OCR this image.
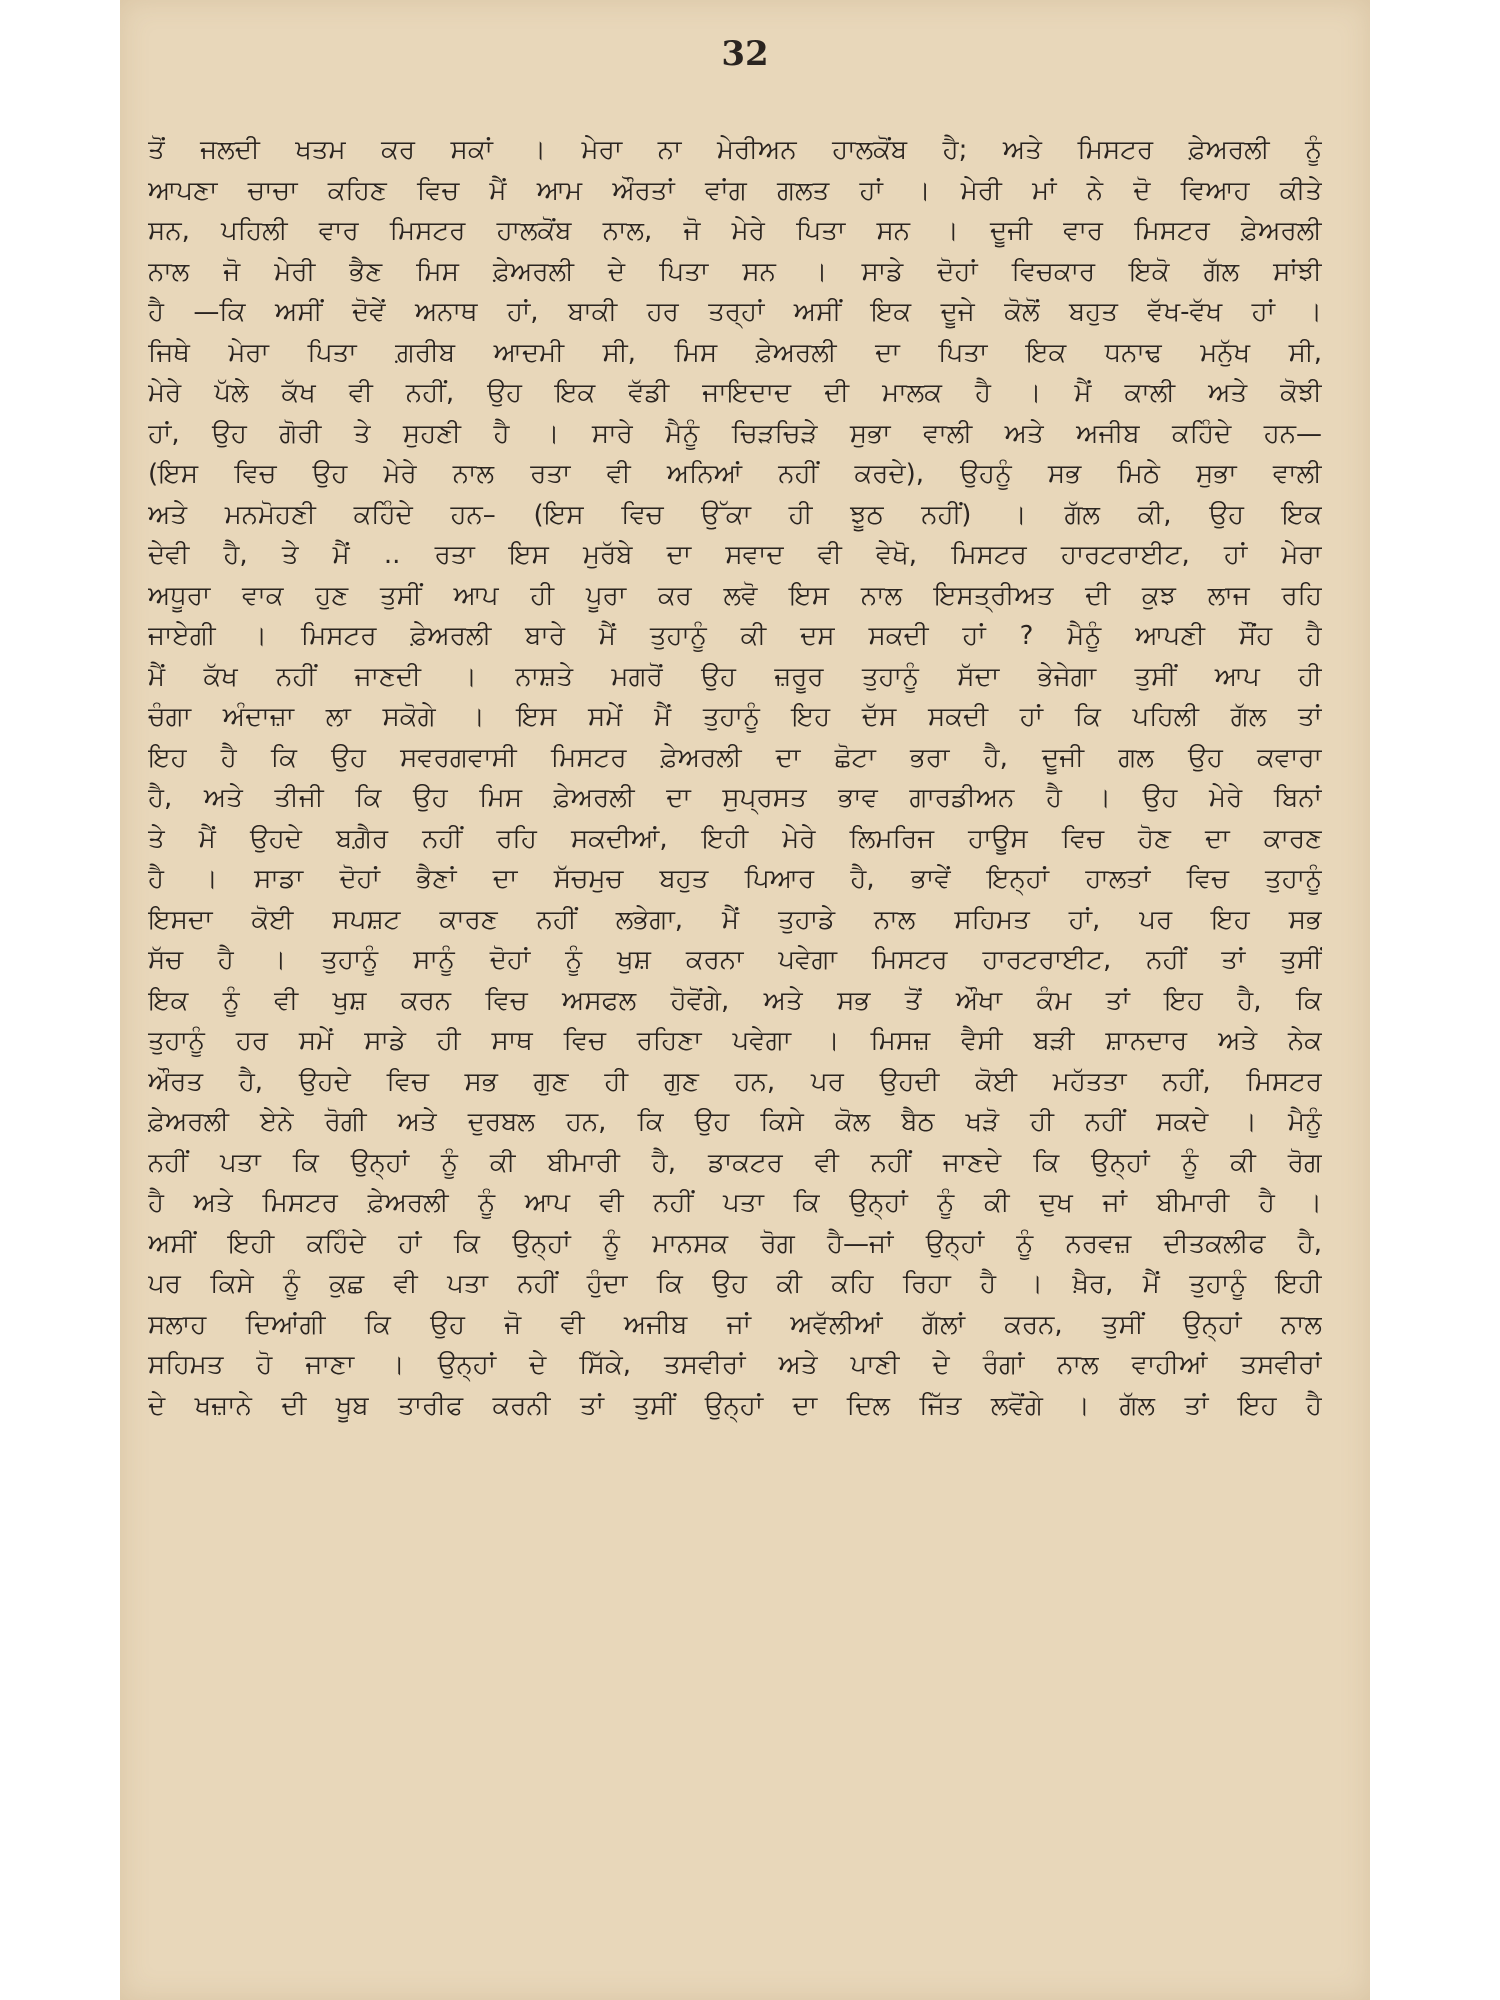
32
ਤੋਂ ਜਲਦੀ ਖਤਮ ਕਰ ਸਕਾਂ । ਮੇਰਾ ਨਾ ਮੇਰੀਅਨ ਹਾਲਕੋਂਬ ਹੈ; ਅਤੇ ਮਿਸਟਰ ਫ਼ੇਅਰਲੀ ਨੂੰ
ਆਪਣਾ ਚਾਚਾ ਕਹਿਣ ਵਿਚ ਮੈਂ ਆਮ ਔਰਤਾਂ ਵਾਂਗ ਗਲਤ ਹਾਂ । ਮੇਰੀ ਮਾਂ ਨੇ ਦੋ ਵਿਆਹ ਕੀਤੇ
ਸਨ, ਪਹਿਲੀ ਵਾਰ ਮਿਸਟਰ ਹਾਲਕੋਂਬ ਨਾਲ, ਜੋ ਮੇਰੇ ਪਿਤਾ ਸਨ । ਦੂਜੀ ਵਾਰ ਮਿਸਟਰ ਫ਼ੇਅਰਲੀ
ਨਾਲ ਜੋ ਮੇਰੀ ਭੈਣ ਮਿਸ ਫ਼ੇਅਰਲੀ ਦੇ ਪਿਤਾ ਸਨ । ਸਾਡੇ ਦੋਹਾਂ ਵਿਚਕਾਰ ਇਕੋ ਗੱਲ ਸਾਂਝੀ
ਹੈ —ਕਿ ਅਸੀਂ ਦੋਵੇਂ ਅਨਾਥ ਹਾਂ, ਬਾਕੀ ਹਰ ਤਰ੍ਹਾਂ ਅਸੀਂ ਇਕ ਦੂਜੇ ਕੋਲੋਂ ਬਹੁਤ ਵੱਖ-ਵੱਖ ਹਾਂ ।
ਜਿਥੇ ਮੇਰਾ ਪਿਤਾ ਗ਼ਰੀਬ ਆਦਮੀ ਸੀ, ਮਿਸ ਫ਼ੇਅਰਲੀ ਦਾ ਪਿਤਾ ਇਕ ਧਨਾਢ ਮਨੁੱਖ ਸੀ,
ਮੇਰੇ ਪੱਲੇ ਕੱਖ ਵੀ ਨਹੀਂ, ਉਹ ਇਕ ਵੱਡੀ ਜਾਇਦਾਦ ਦੀ ਮਾਲਕ ਹੈ । ਮੈਂ ਕਾਲੀ ਅਤੇ ਕੋਝੀ
ਹਾਂ, ਉਹ ਗੋਰੀ ਤੇ ਸੁਹਣੀ ਹੈ । ਸਾਰੇ ਮੈਨੂੰ ਚਿੜਚਿੜੇ ਸੁਭਾ ਵਾਲੀ ਅਤੇ ਅਜੀਬ ਕਹਿੰਦੇ ਹਨ—
(ਇਸ ਵਿਚ ਉਹ ਮੇਰੇ ਨਾਲ ਰਤਾ ਵੀ ਅਨਿਆਂ ਨਹੀਂ ਕਰਦੇ), ਉਹਨੂੰ ਸਭ ਮਿਠੇ ਸੁਭਾ ਵਾਲੀ
ਅਤੇ ਮਨਮੋਹਣੀ ਕਹਿੰਦੇ ਹਨ– (ਇਸ ਵਿਚ ਉੱਕਾ ਹੀ ਝੂਠ ਨਹੀਂ) । ਗੱਲ ਕੀ, ਉਹ ਇਕ
ਦੇਵੀ ਹੈ, ਤੇ ਮੈਂ .. ਰਤਾ ਇਸ ਮੁਰੱਬੇ ਦਾ ਸਵਾਦ ਵੀ ਵੇਖੋ, ਮਿਸਟਰ ਹਾਰਟਰਾਈਟ, ਹਾਂ ਮੇਰਾ
ਅਧੂਰਾ ਵਾਕ ਹੁਣ ਤੁਸੀਂ ਆਪ ਹੀ ਪੂਰਾ ਕਰ ਲਵੋ ਇਸ ਨਾਲ ਇਸਤ੍ਰੀਅਤ ਦੀ ਕੁਝ ਲਾਜ ਰਹਿ
ਜਾਏਗੀ । ਮਿਸਟਰ ਫ਼ੇਅਰਲੀ ਬਾਰੇ ਮੈਂ ਤੁਹਾਨੂੰ ਕੀ ਦਸ ਸਕਦੀ ਹਾਂ ? ਮੈਨੂੰ ਆਪਣੀ ਸੌਂਹ ਹੈ
ਮੈਂ ਕੱਖ ਨਹੀਂ ਜਾਣਦੀ । ਨਾਸ਼ਤੇ ਮਗਰੋਂ ਉਹ ਜ਼ਰੂਰ ਤੁਹਾਨੂੰ ਸੱਦਾ ਭੇਜੇਗਾ ਤੁਸੀਂ ਆਪ ਹੀ
ਚੰਗਾ ਅੰਦਾਜ਼ਾ ਲਾ ਸਕੋਗੇ । ਇਸ ਸਮੇਂ ਮੈਂ ਤੁਹਾਨੂੰ ਇਹ ਦੱਸ ਸਕਦੀ ਹਾਂ ਕਿ ਪਹਿਲੀ ਗੱਲ ਤਾਂ
ਇਹ ਹੈ ਕਿ ਉਹ ਸਵਰਗਵਾਸੀ ਮਿਸਟਰ ਫ਼ੇਅਰਲੀ ਦਾ ਛੋਟਾ ਭਰਾ ਹੈ, ਦੂਜੀ ਗਲ ਉਹ ਕਵਾਰਾ
ਹੈ, ਅਤੇ ਤੀਜੀ ਕਿ ਉਹ ਮਿਸ ਫ਼ੇਅਰਲੀ ਦਾ ਸੁਪ੍ਰਸਤ ਭਾਵ ਗਾਰਡੀਅਨ ਹੈ । ਉਹ ਮੇਰੇ ਬਿਨਾਂ
ਤੇ ਮੈਂ ਉਹਦੇ ਬਗ਼ੈਰ ਨਹੀਂ ਰਹਿ ਸਕਦੀਆਂ, ਇਹੀ ਮੇਰੇ ਲਿਮਰਿਜ ਹਾਊਸ ਵਿਚ ਹੋਣ ਦਾ ਕਾਰਣ
ਹੈ । ਸਾਡਾ ਦੋਹਾਂ ਭੈਣਾਂ ਦਾ ਸੱਚਮੁਚ ਬਹੁਤ ਪਿਆਰ ਹੈ, ਭਾਵੇਂ ਇਨ੍ਹਾਂ ਹਾਲਤਾਂ ਵਿਚ ਤੁਹਾਨੂੰ
ਇਸਦਾ ਕੋਈ ਸਪਸ਼ਟ ਕਾਰਣ ਨਹੀਂ ਲਭੇਗਾ, ਮੈਂ ਤੁਹਾਡੇ ਨਾਲ ਸਹਿਮਤ ਹਾਂ, ਪਰ ਇਹ ਸਭ
ਸੱਚ ਹੈ । ਤੁਹਾਨੂੰ ਸਾਨੂੰ ਦੋਹਾਂ ਨੂੰ ਖੁਸ਼ ਕਰਨਾ ਪਵੇਗਾ ਮਿਸਟਰ ਹਾਰਟਰਾਈਟ, ਨਹੀਂ ਤਾਂ ਤੁਸੀਂ
ਇਕ ਨੂੰ ਵੀ ਖੁਸ਼ ਕਰਨ ਵਿਚ ਅਸਫਲ ਹੋਵੋਂਗੇ, ਅਤੇ ਸਭ ਤੋਂ ਔਖਾ ਕੰਮ ਤਾਂ ਇਹ ਹੈ, ਕਿ
ਤੁਹਾਨੂੰ ਹਰ ਸਮੇਂ ਸਾਡੇ ਹੀ ਸਾਥ ਵਿਚ ਰਹਿਣਾ ਪਵੇਗਾ । ਮਿਸਜ਼ ਵੈਸੀ ਬੜੀ ਸ਼ਾਨਦਾਰ ਅਤੇ ਨੇਕ
ਔਰਤ ਹੈ, ਉਹਦੇ ਵਿਚ ਸਭ ਗੁਣ ਹੀ ਗੁਣ ਹਨ, ਪਰ ਉਹਦੀ ਕੋਈ ਮਹੱਤਤਾ ਨਹੀਂ, ਮਿਸਟਰ
ਫ਼ੇਅਰਲੀ ਏਨੇ ਰੋਗੀ ਅਤੇ ਦੁਰਬਲ ਹਨ, ਕਿ ਉਹ ਕਿਸੇ ਕੋਲ ਬੈਠ ਖੜੋ ਹੀ ਨਹੀਂ ਸਕਦੇ । ਮੈਨੂੰ
ਨਹੀਂ ਪਤਾ ਕਿ ਉਨ੍ਹਾਂ ਨੂੰ ਕੀ ਬੀਮਾਰੀ ਹੈ, ਡਾਕਟਰ ਵੀ ਨਹੀਂ ਜਾਣਦੇ ਕਿ ਉਨ੍ਹਾਂ ਨੂੰ ਕੀ ਰੋਗ
ਹੈ ਅਤੇ ਮਿਸਟਰ ਫ਼ੇਅਰਲੀ ਨੂੰ ਆਪ ਵੀ ਨਹੀਂ ਪਤਾ ਕਿ ਉਨ੍ਹਾਂ ਨੂੰ ਕੀ ਦੁਖ ਜਾਂ ਬੀਮਾਰੀ ਹੈ ।
ਅਸੀਂ ਇਹੀ ਕਹਿੰਦੇ ਹਾਂ ਕਿ ਉਨ੍ਹਾਂ ਨੂੰ ਮਾਨਸਕ ਰੋਗ ਹੈ—ਜਾਂ ਉਨ੍ਹਾਂ ਨੂੰ ਨਰਵਜ਼ ਦੀਤਕਲੀਫ ਹੈ,
ਪਰ ਕਿਸੇ ਨੂੰ ਕੁਛ ਵੀ ਪਤਾ ਨਹੀਂ ਹੁੰਦਾ ਕਿ ਉਹ ਕੀ ਕਹਿ ਰਿਹਾ ਹੈ । ਖ਼ੈਰ, ਮੈਂ ਤੁਹਾਨੂੰ ਇਹੀ
ਸਲਾਹ ਦਿਆਂਗੀ ਕਿ ਉਹ ਜੋ ਵੀ ਅਜੀਬ ਜਾਂ ਅਵੱਲੀਆਂ ਗੱਲਾਂ ਕਰਨ, ਤੁਸੀਂ ਉਨ੍ਹਾਂ ਨਾਲ
ਸਹਿਮਤ ਹੋ ਜਾਣਾ । ਉਨ੍ਹਾਂ ਦੇ ਸਿੱਕੇ, ਤਸਵੀਰਾਂ ਅਤੇ ਪਾਣੀ ਦੇ ਰੰਗਾਂ ਨਾਲ ਵਾਹੀਆਂ ਤਸਵੀਰਾਂ
ਦੇ ਖਜ਼ਾਨੇ ਦੀ ਖੂਬ ਤਾਰੀਫ ਕਰਨੀ ਤਾਂ ਤੁਸੀਂ ਉਨ੍ਹਾਂ ਦਾ ਦਿਲ ਜਿੱਤ ਲਵੋਂਗੇ । ਗੱਲ ਤਾਂ ਇਹ ਹੈ
